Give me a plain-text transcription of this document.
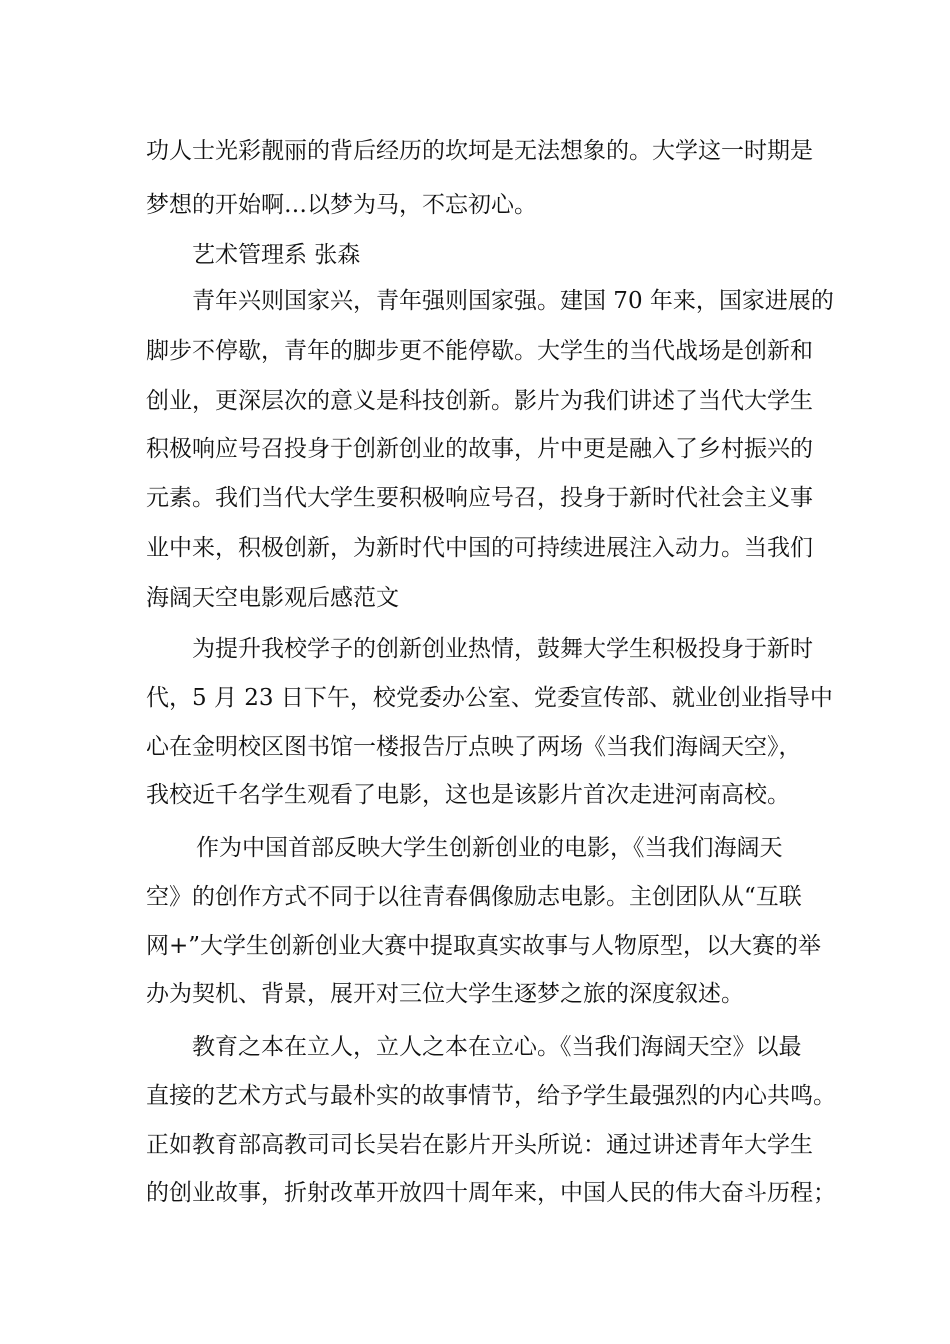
功人士光彩靓丽的背后经历的坎坷是无法想象的。大学这一时期是
梦想的开始啊…以梦为马，不忘初心。
艺术管理系 张森
青年兴则国家兴，青年强则国家强。建国 70 年来，国家进展的
脚步不停歇，青年的脚步更不能停歇。大学生的当代战场是创新和
创业，更深层次的意义是科技创新。影片为我们讲述了当代大学生
积极响应号召投身于创新创业的故事，片中更是融入了乡村振兴的
元素。我们当代大学生要积极响应号召，投身于新时代社会主义事
业中来，积极创新，为新时代中国的可持续进展注入动力。当我们
海阔天空电影观后感范文
为提升我校学子的创新创业热情，鼓舞大学生积极投身于新时
代，5 月 23 日下午，校党委办公室、党委宣传部、就业创业指导中
心在金明校区图书馆一楼报告厅点映了两场《当我们海阔天空》，
我校近千名学生观看了电影，这也是该影片首次走进河南高校。
作为中国首部反映大学生创新创业的电影，《当我们海阔天
空》的创作方式不同于以往青春偶像励志电影。主创团队从“互联
网+”大学生创新创业大赛中提取真实故事与人物原型，以大赛的举
办为契机、背景，展开对三位大学生逐梦之旅的深度叙述。
教育之本在立人，立人之本在立心。《当我们海阔天空》以最
直接的艺术方式与最朴实的故事情节，给予学生最强烈的内心共鸣。
正如教育部高教司司长吴岩在影片开头所说：通过讲述青年大学生
的创业故事，折射改革开放四十周年来，中国人民的伟大奋斗历程；
